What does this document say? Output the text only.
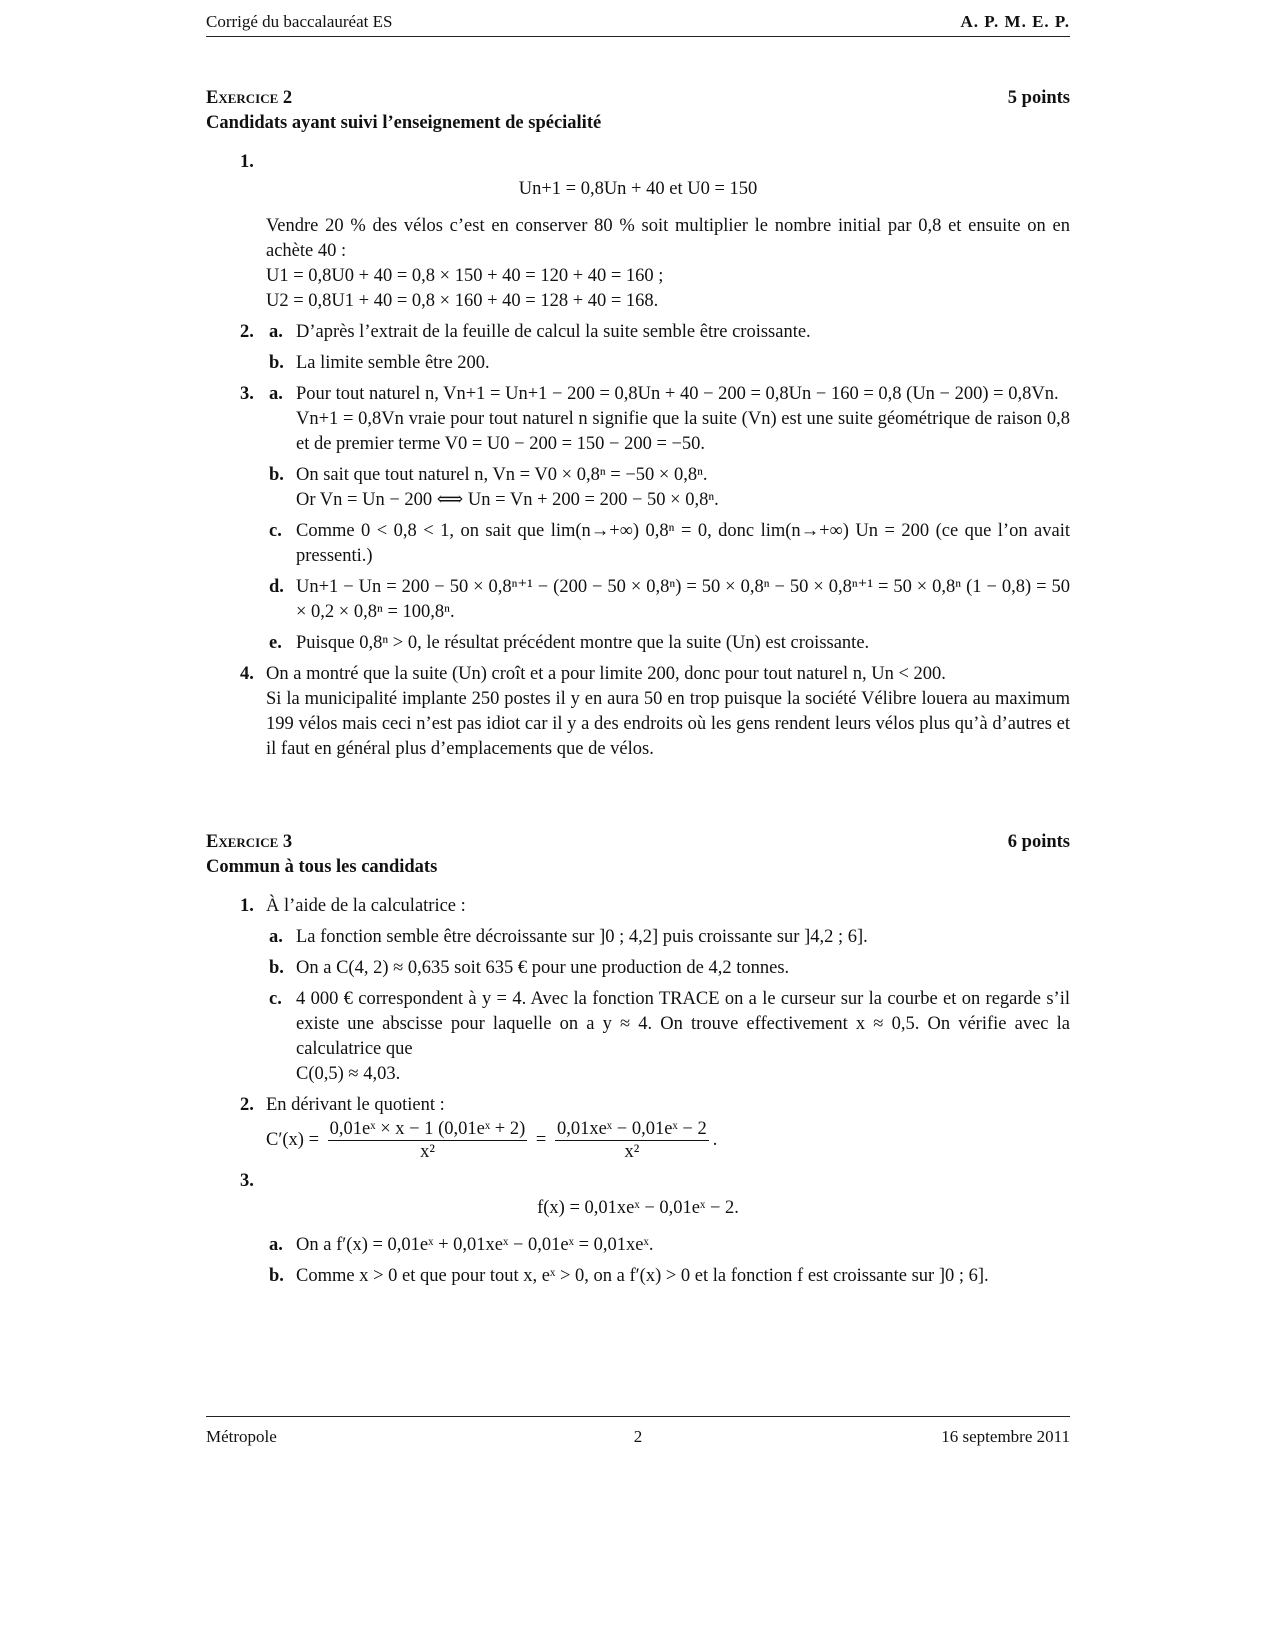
Corrigé du baccalauréat ES	A. P. M. E. P.
Exercice 2	5 points
Candidats ayant suivi l’enseignement de spécialité
1.
Un+1 = 0,8Un + 40 et U0 = 150
Vendre 20 % des vélos c’est en conserver 80 % soit multiplier le nombre initial par 0,8 et ensuite on en achète 40 :
U1 = 0,8U0 + 40 = 0,8 × 150 + 40 = 120 + 40 = 160 ;
U2 = 0,8U1 + 40 = 0,8 × 160 + 40 = 128 + 40 = 168.
2. a. D’après l’extrait de la feuille de calcul la suite semble être croissante.
b. La limite semble être 200.
3. a. Pour tout naturel n, Vn+1 = Un+1 − 200 = 0,8Un + 40 − 200 = 0,8Un − 160 = 0,8 (Un − 200) = 0,8Vn.
Vn+1 = 0,8Vn vraie pour tout naturel n signifie que la suite (Vn) est une suite géométrique de raison 0,8 et de premier terme V0 = U0 − 200 = 150 − 200 = −50.
b. On sait que tout naturel n, Vn = V0 × 0,8ⁿ = −50 × 0,8ⁿ.
Or Vn = Un − 200 ⟺ Un = Vn + 200 = 200 − 50 × 0,8ⁿ.
c. Comme 0 < 0,8 < 1, on sait que lim(n→+∞) 0,8ⁿ = 0, donc lim(n→+∞) Un = 200 (ce que l’on avait pressenti.)
d. Un+1 − Un = 200 − 50 × 0,8ⁿ⁺¹ − (200 − 50 × 0,8ⁿ) = 50 × 0,8ⁿ − 50 × 0,8ⁿ⁺¹ = 50 × 0,8ⁿ (1 − 0,8) = 50 × 0,2 × 0,8ⁿ = 100,8ⁿ.
e. Puisque 0,8ⁿ > 0, le résultat précédent montre que la suite (Un) est croissante.
4. On a montré que la suite (Un) croît et a pour limite 200, donc pour tout naturel n, Un < 200.
Si la municipalité implante 250 postes il y en aura 50 en trop puisque la société Vélibre louera au maximum 199 vélos mais ceci n’est pas idiot car il y a des endroits où les gens rendent leurs vélos plus qu’à d’autres et il faut en général plus d’emplacements que de vélos.
Exercice 3	6 points
Commun à tous les candidats
1. À l’aide de la calculatrice :
a. La fonction semble être décroissante sur ]0 ; 4,2] puis croissante sur ]4,2 ; 6].
b. On a C(4, 2) ≈ 0,635 soit 635 € pour une production de 4,2 tonnes.
c. 4 000 € correspondent à y = 4. Avec la fonction TRACE on a le curseur sur la courbe et on regarde s’il existe une abscisse pour laquelle on a y ≈ 4. On trouve effectivement x ≈ 0,5. On vérifie avec la calculatrice que
C(0,5) ≈ 4,03.
2. En dérivant le quotient :
$C'(x) = \frac{\text{0,01eˣ × x − 1 (0,01eˣ + 2)}}{\text{x²}} = \frac{\text{0,01xeˣ − 0,01eˣ − 2}}{\text{x²}}$ .
3.
f(x) = 0,01xeˣ − 0,01eˣ − 2.
a. On a f′(x) = 0,01eˣ + 0,01xeˣ − 0,01eˣ = 0,01xeˣ.
b. Comme x > 0 et que pour tout x, eˣ > 0, on a f′(x) > 0 et la fonction f est croissante sur ]0 ; 6].
Métropole	2	16 septembre 2011
